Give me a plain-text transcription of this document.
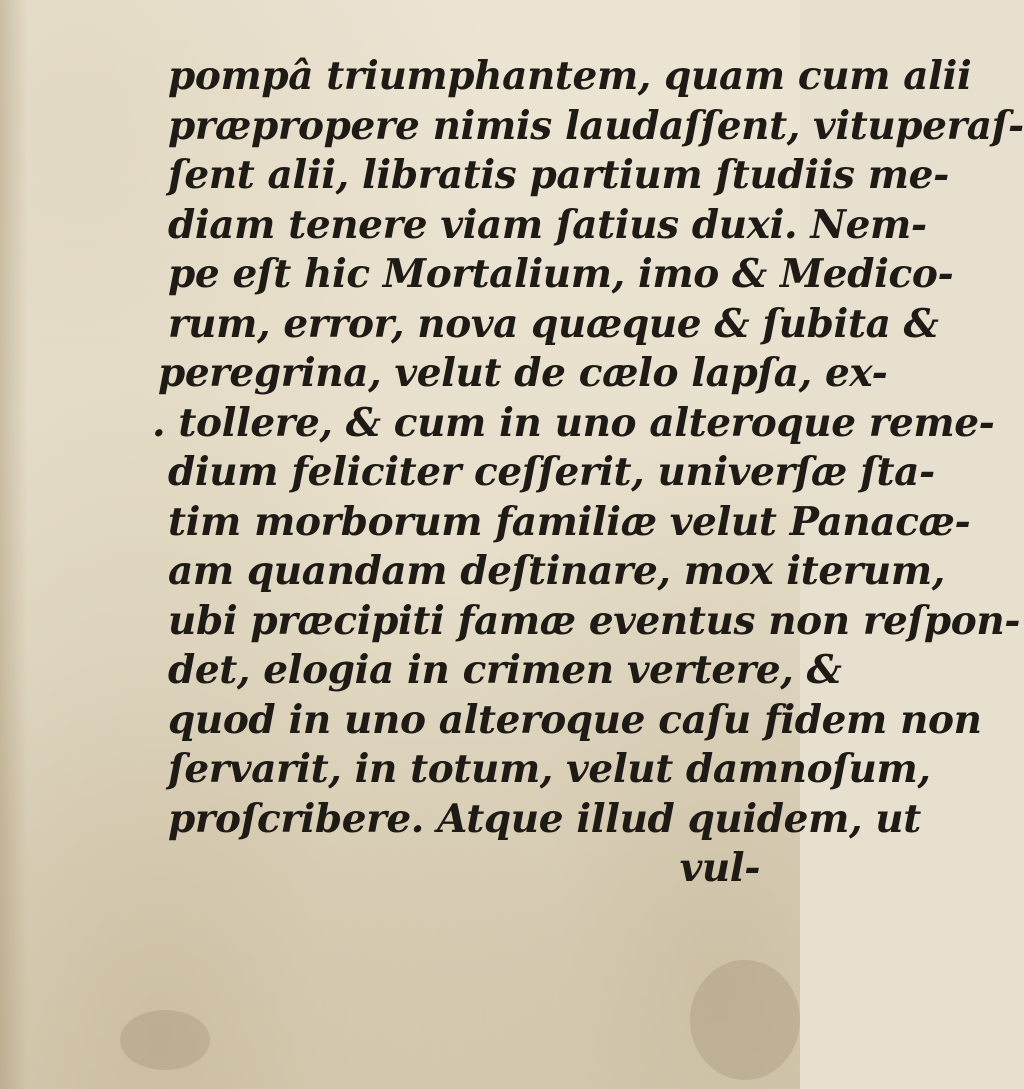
pompâ triumphantem, quam cum alii
præpropere nimis laudaſſent, vituperaſ-
ſent alii, libratis partium ſtudiis me-
diam tenere viam ſatius duxi. Nem-
pe eſt hic Mortalium, imo & Medico-
rum, error, nova quæque & ſubita &
peregrina, velut de cælo lapſa, ex-
. tollere, & cum in uno alteroque reme-
dium feliciter ceſſerit, univerſæ ſta-
tim morborum familiæ velut Panacæ-
am quandam deſtinare, mox iterum,
ubi præcipiti famæ eventus non reſpon-
det, elogia in crimen vertere, &
quod in uno alteroque caſu fidem non
ſervarit, in totum, velut damnoſum,
proſcribere. Atque illud quidem, ut
vul-
